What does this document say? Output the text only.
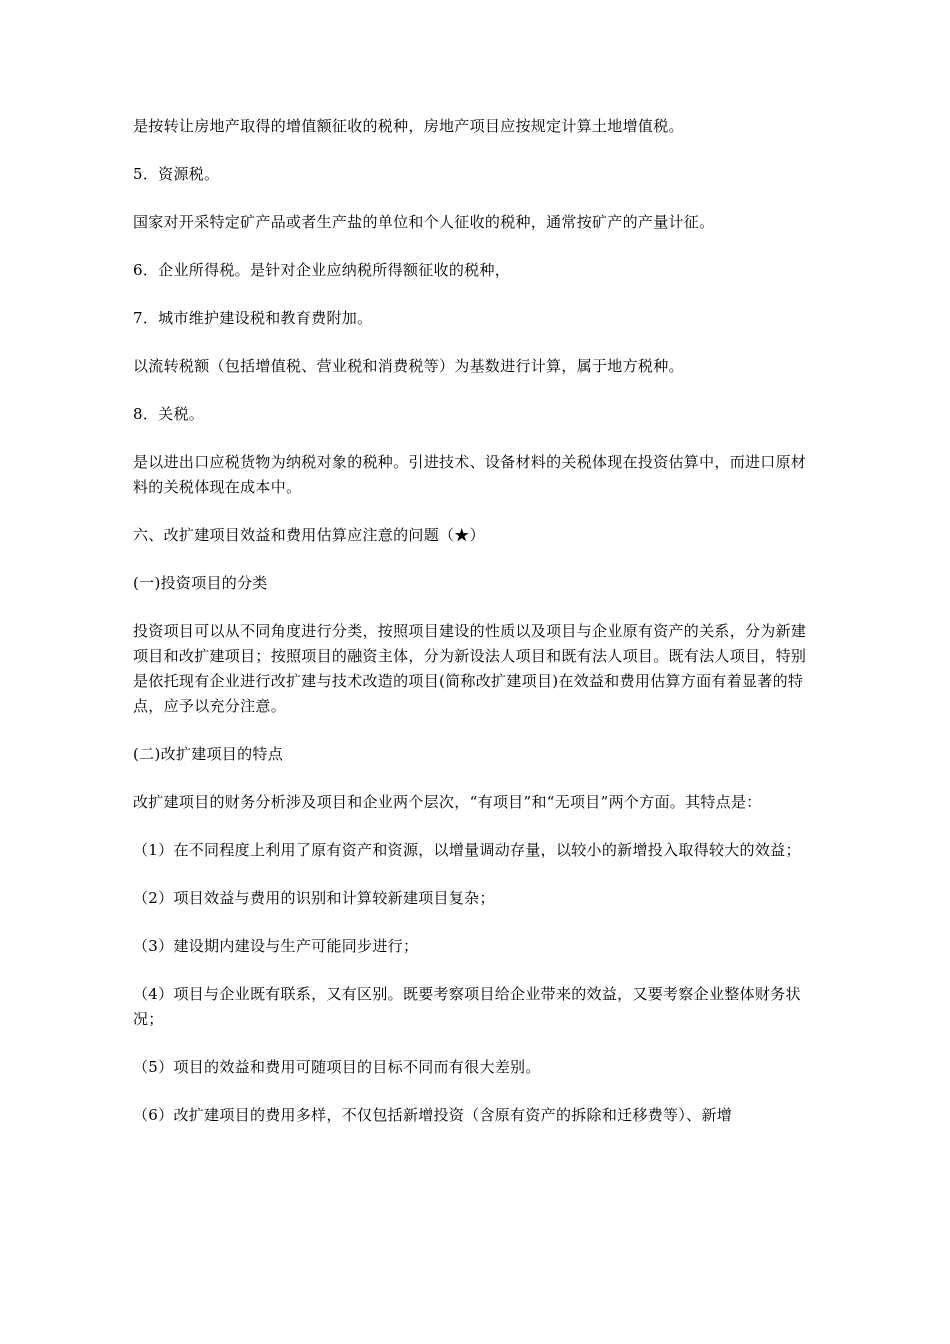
是按转让房地产取得的增值额征收的税种，房地产项目应按规定计算土地增值税。

5．资源税。

国家对开采特定矿产品或者生产盐的单位和个人征收的税种，通常按矿产的产量计征。

6．企业所得税。是针对企业应纳税所得额征收的税种，

7．城市维护建设税和教育费附加。

以流转税额（包括增值税、营业税和消费税等）为基数进行计算，属于地方税种。

8．关税。

是以进出口应税货物为纳税对象的税种。引进技术、设备材料的关税体现在投资估算中，而进口原材料的关税体现在成本中。

六、改扩建项目效益和费用估算应注意的问题（★）

(一)投资项目的分类

投资项目可以从不同角度进行分类，按照项目建设的性质以及项目与企业原有资产的关系，分为新建项目和改扩建项目；按照项目的融资主体，分为新设法人项目和既有法人项目。既有法人项目，特别是依托现有企业进行改扩建与技术改造的项目(简称改扩建项目)在效益和费用估算方面有着显著的特点，应予以充分注意。

(二)改扩建项目的特点

改扩建项目的财务分析涉及项目和企业两个层次，“有项目”和“无项目”两个方面。其特点是：

（1）在不同程度上利用了原有资产和资源，以增量调动存量，以较小的新增投入取得较大的效益；

（2）项目效益与费用的识别和计算较新建项目复杂；

（3）建设期内建设与生产可能同步进行；

（4）项目与企业既有联系，又有区别。既要考察项目给企业带来的效益，又要考察企业整体财务状况；

（5）项目的效益和费用可随项目的目标不同而有很大差别。

（6）改扩建项目的费用多样，不仅包括新增投资（含原有资产的拆除和迁移费等）、新增
